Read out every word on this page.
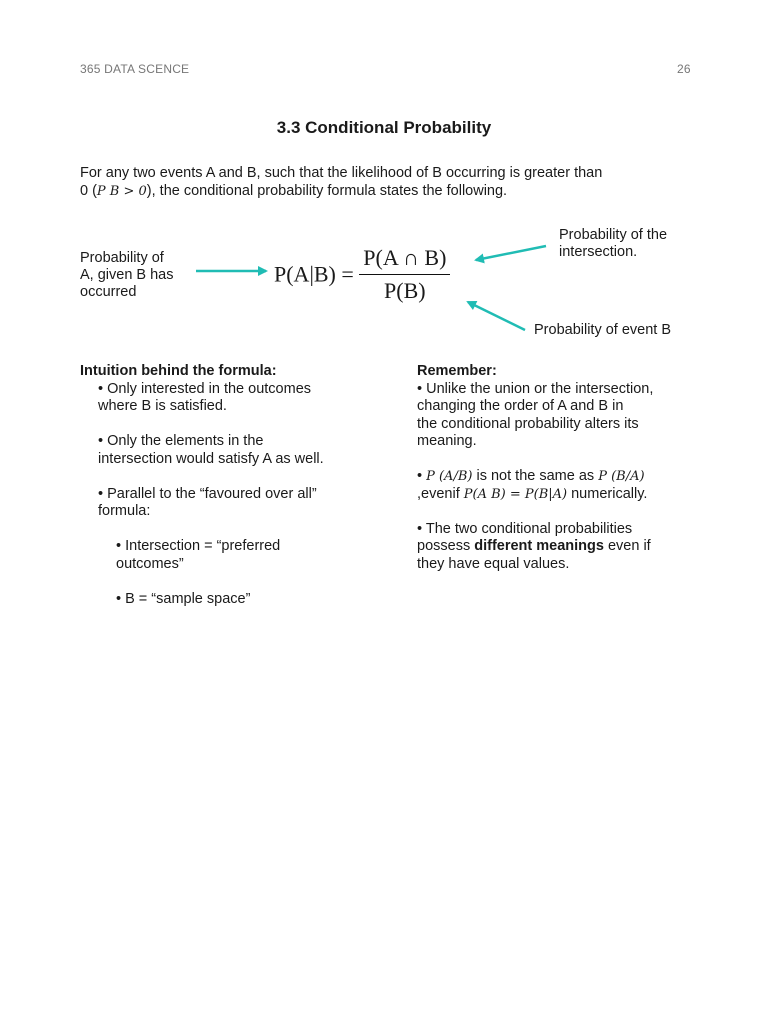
365 DATA SCENCE	26
3.3 Conditional Probability
For any two events A and B, such that the likelihood of B occurring is greater than
0 (P B > 0), the conditional probability formula states the following.
Probability of
A, given B has
occurred
Probability of the
intersection.
Probability of event B
$P(A|B) = \frac{P(A \cap B)}{P(B)}$

Intuition behind the formula:

• Only interested in the outcomes

where B is satisfied.

• Only the elements in the

intersection would satisfy A as well.

• Parallel to the “favoured over all”

formula:

• Intersection = “preferred

outcomes”

• B = “sample space”

Remember:

• Unlike the union or the intersection,

changing the order of A and B in

the conditional probability alters its

meaning.

• P (A/B) is not the same as P (B/A)

,evenif P(A B) = P(B|A) numerically.

• The two conditional probabilities

possess different meanings even if

they have equal values.
